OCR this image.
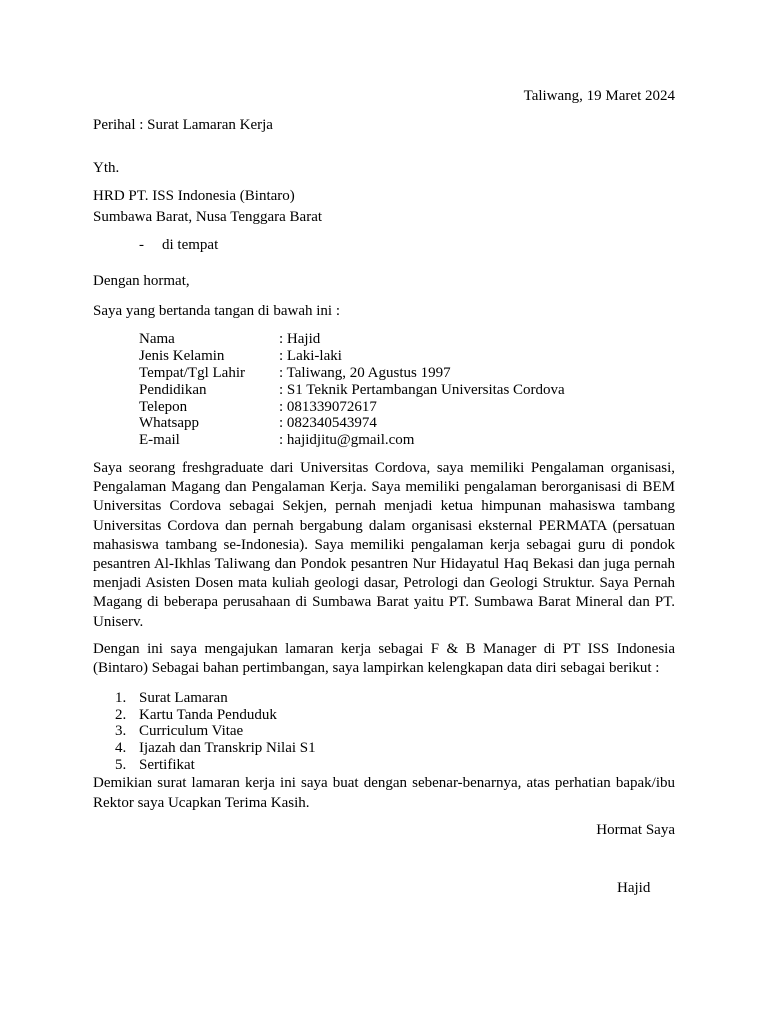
Taliwang, 19 Maret 2024
Perihal : Surat Lamaran Kerja
Yth.
HRD PT. ISS Indonesia (Bintaro)
Sumbawa Barat, Nusa Tenggara Barat
- di tempat
Dengan hormat,
Saya yang bertanda tangan di bawah ini :
Nama	: Hajid
Jenis Kelamin	: Laki-laki
Tempat/Tgl Lahir : Taliwang, 20 Agustus 1997
Pendidikan	: S1 Teknik Pertambangan Universitas Cordova
Telepon	: 081339072617
Whatsapp	: 082340543974
E-mail	: hajidjitu@gmail.com

Saya seorang freshgraduate dari Universitas Cordova, saya memiliki Pengalaman organisasi, Pengalaman Magang dan Pengalaman Kerja. Saya memiliki pengalaman berorganisasi di BEM Universitas Cordova sebagai Sekjen, pernah menjadi ketua himpunan mahasiswa tambang Universitas Cordova dan pernah bergabung dalam organisasi eksternal PERMATA (persatuan mahasiswa tambang se-Indonesia). Saya memiliki pengalaman kerja sebagai guru di pondok pesantren Al-Ikhlas Taliwang dan Pondok pesantren Nur Hidayatul Haq Bekasi dan juga pernah menjadi Asisten Dosen mata kuliah geologi dasar, Petrologi dan Geologi Struktur. Saya Pernah Magang di beberapa perusahaan di Sumbawa Barat yaitu PT. Sumbawa Barat Mineral dan PT. Uniserv.

Dengan ini saya mengajukan lamaran kerja sebagai F & B Manager di PT ISS Indonesia (Bintaro) Sebagai bahan pertimbangan, saya lampirkan kelengkapan data diri sebagai berikut :

1. Surat Lamaran
2. Kartu Tanda Penduduk
3. Curriculum Vitae
4. Ijazah dan Transkrip Nilai S1
5. Sertifikat

Demikian surat lamaran kerja ini saya buat dengan sebenar-benarnya, atas perhatian bapak/ibu Rektor saya Ucapkan Terima Kasih.

Hormat Saya
Hajid
